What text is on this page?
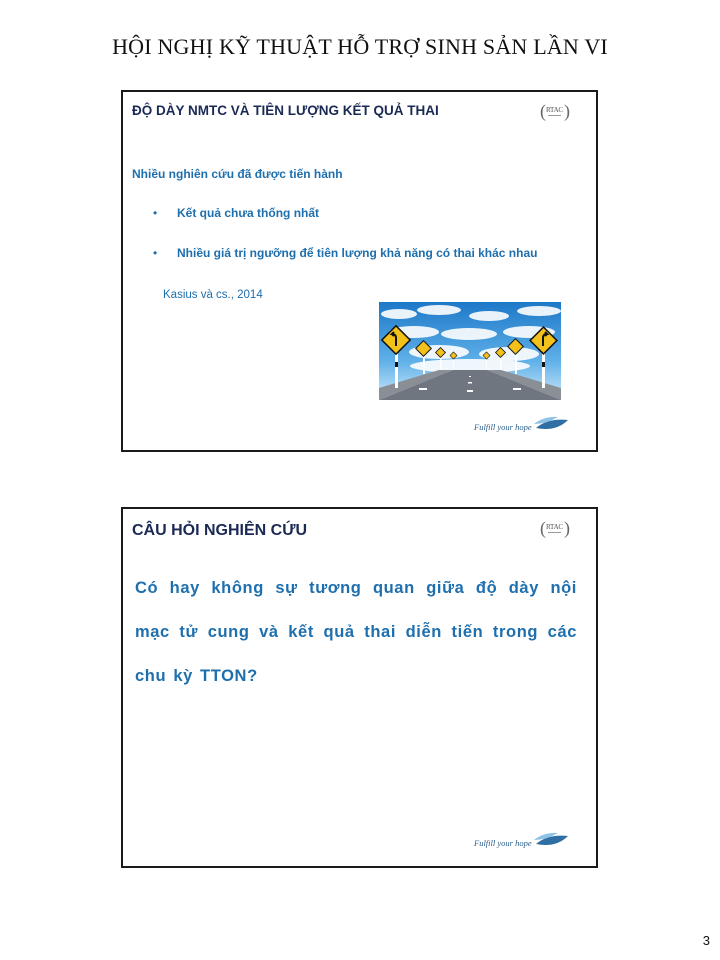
HỘI NGHỊ KỸ THUẬT HỖ TRỢ SINH SẢN LẦN VI
ĐỘ DÀY NMTC VÀ TIÊN LƯỢNG KẾT QUẢ THAI	( RTAC )
Nhiều nghiên cứu đã được tiến hành
• Kết quả chưa thống nhất
• Nhiều giá trị ngưỡng để tiên lượng khả năng có thai khác nhau
Kasius và cs., 2014
Fulfill your hope
CÂU HỎI NGHIÊN CỨU	( RTAC )
Có hay không sự tương quan giữa độ dày nội mạc tử cung và kết quả thai diễn tiến trong các chu kỳ TTON?
Fulfill your hope
3
